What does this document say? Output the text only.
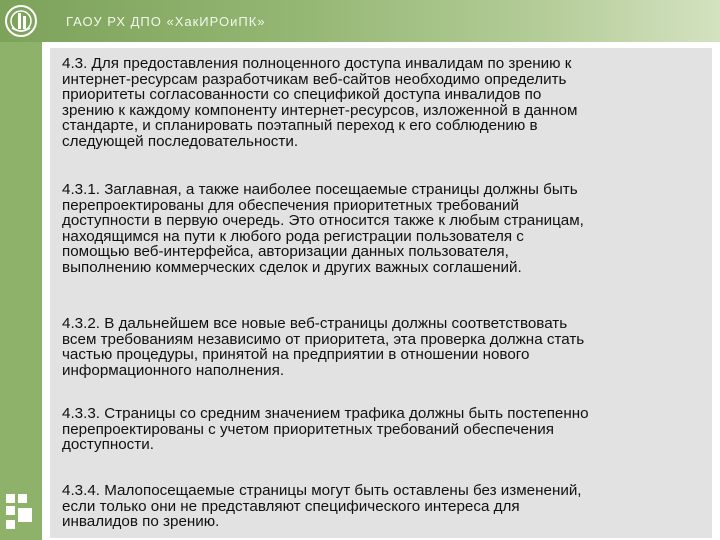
ГАОУ РХ ДПО «ХакИРОиПК»
4.3. Для предоставления полноценного доступа инвалидам по зрению к
интернет-ресурсам разработчикам веб-сайтов необходимо определить
приоритеты согласованности со спецификой доступа инвалидов по
зрению к каждому компоненту интернет-ресурсов, изложенной в данном
стандарте, и спланировать поэтапный переход к его соблюдению в
следующей последовательности.
4.3.1. Заглавная, а также наиболее посещаемые страницы должны быть
перепроектированы для обеспечения приоритетных требований
доступности в первую очередь. Это относится также к любым страницам,
находящимся на пути к любого рода регистрации пользователя с
помощью веб-интерфейса, авторизации данных пользователя,
выполнению коммерческих сделок и других важных соглашений.
4.3.2. В дальнейшем все новые веб-страницы должны соответствовать
всем требованиям независимо от приоритета, эта проверка должна стать
частью процедуры, принятой на предприятии в отношении нового
информационного наполнения.
4.3.3. Страницы со средним значением трафика должны быть постепенно
перепроектированы с учетом приоритетных требований обеспечения
доступности.
4.3.4. Малопосещаемые страницы могут быть оставлены без изменений,
если только они не представляют специфического интереса для
инвалидов по зрению.
